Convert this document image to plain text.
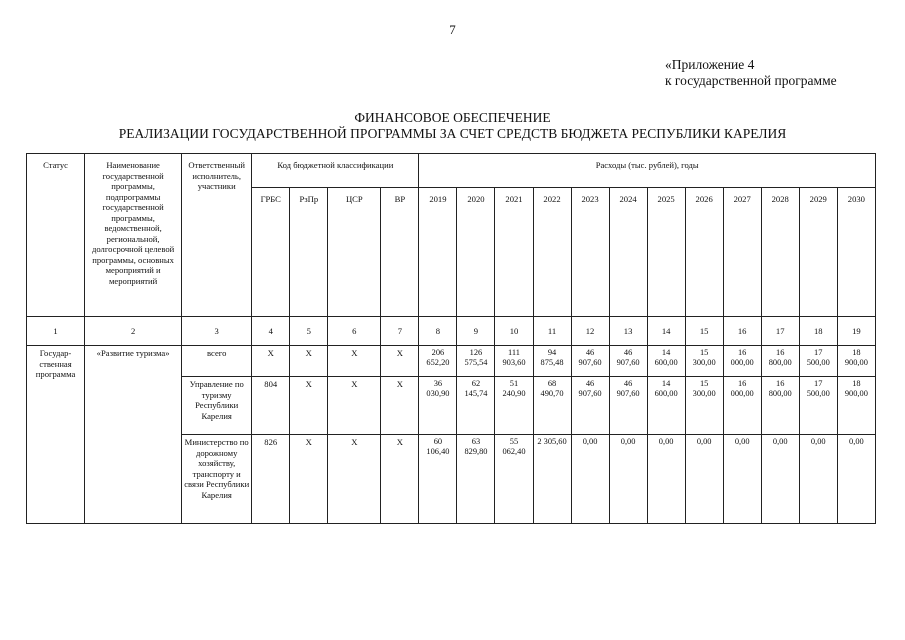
7
«Приложение 4
к государственной программе
ФИНАНСОВОЕ ОБЕСПЕЧЕНИЕ
РЕАЛИЗАЦИИ ГОСУДАРСТВЕННОЙ ПРОГРАММЫ ЗА СЧЕТ СРЕДСТВ БЮДЖЕТА РЕСПУБЛИКИ КАРЕЛИЯ
Статус	Наименование государственной программы, подпрограммы государственной программы, ведомственной, региональной, долгосрочной целевой программы, основных мероприятий и мероприятий	Ответственный исполнитель, участники	Код бюджетной классификации				Расходы (тыс. рублей), годы											
			ГРБС	РзПр	ЦСР	ВР	2019	2020	2021	2022	2023	2024	2025	2026	2027	2028	2029	2030
1	2	3	4	5	6	7	8	9	10	11	12	13	14	15	16	17	18	19
Государ-ственная программа	«Развитие туризма»	всего	X	X	X	X	206 652,20	126 575,54	111 903,60	94 875,48	46 907,60	46 907,60	14 600,00	15 300,00	16 000,00	16 800,00	17 500,00	18 900,00
		Управление по туризму Республики Карелия	804	X	X	X	36 030,90	62 145,74	51 240,90	68 490,70	46 907,60	46 907,60	14 600,00	15 300,00	16 000,00	16 800,00	17 500,00	18 900,00
		Министерство по дорожному хозяйству, транспорту и связи Республики Карелия	826	X	X	X	60 106,40	63 829,80	55 062,40	2 305,60	0,00	0,00	0,00	0,00	0,00	0,00	0,00	0,00
